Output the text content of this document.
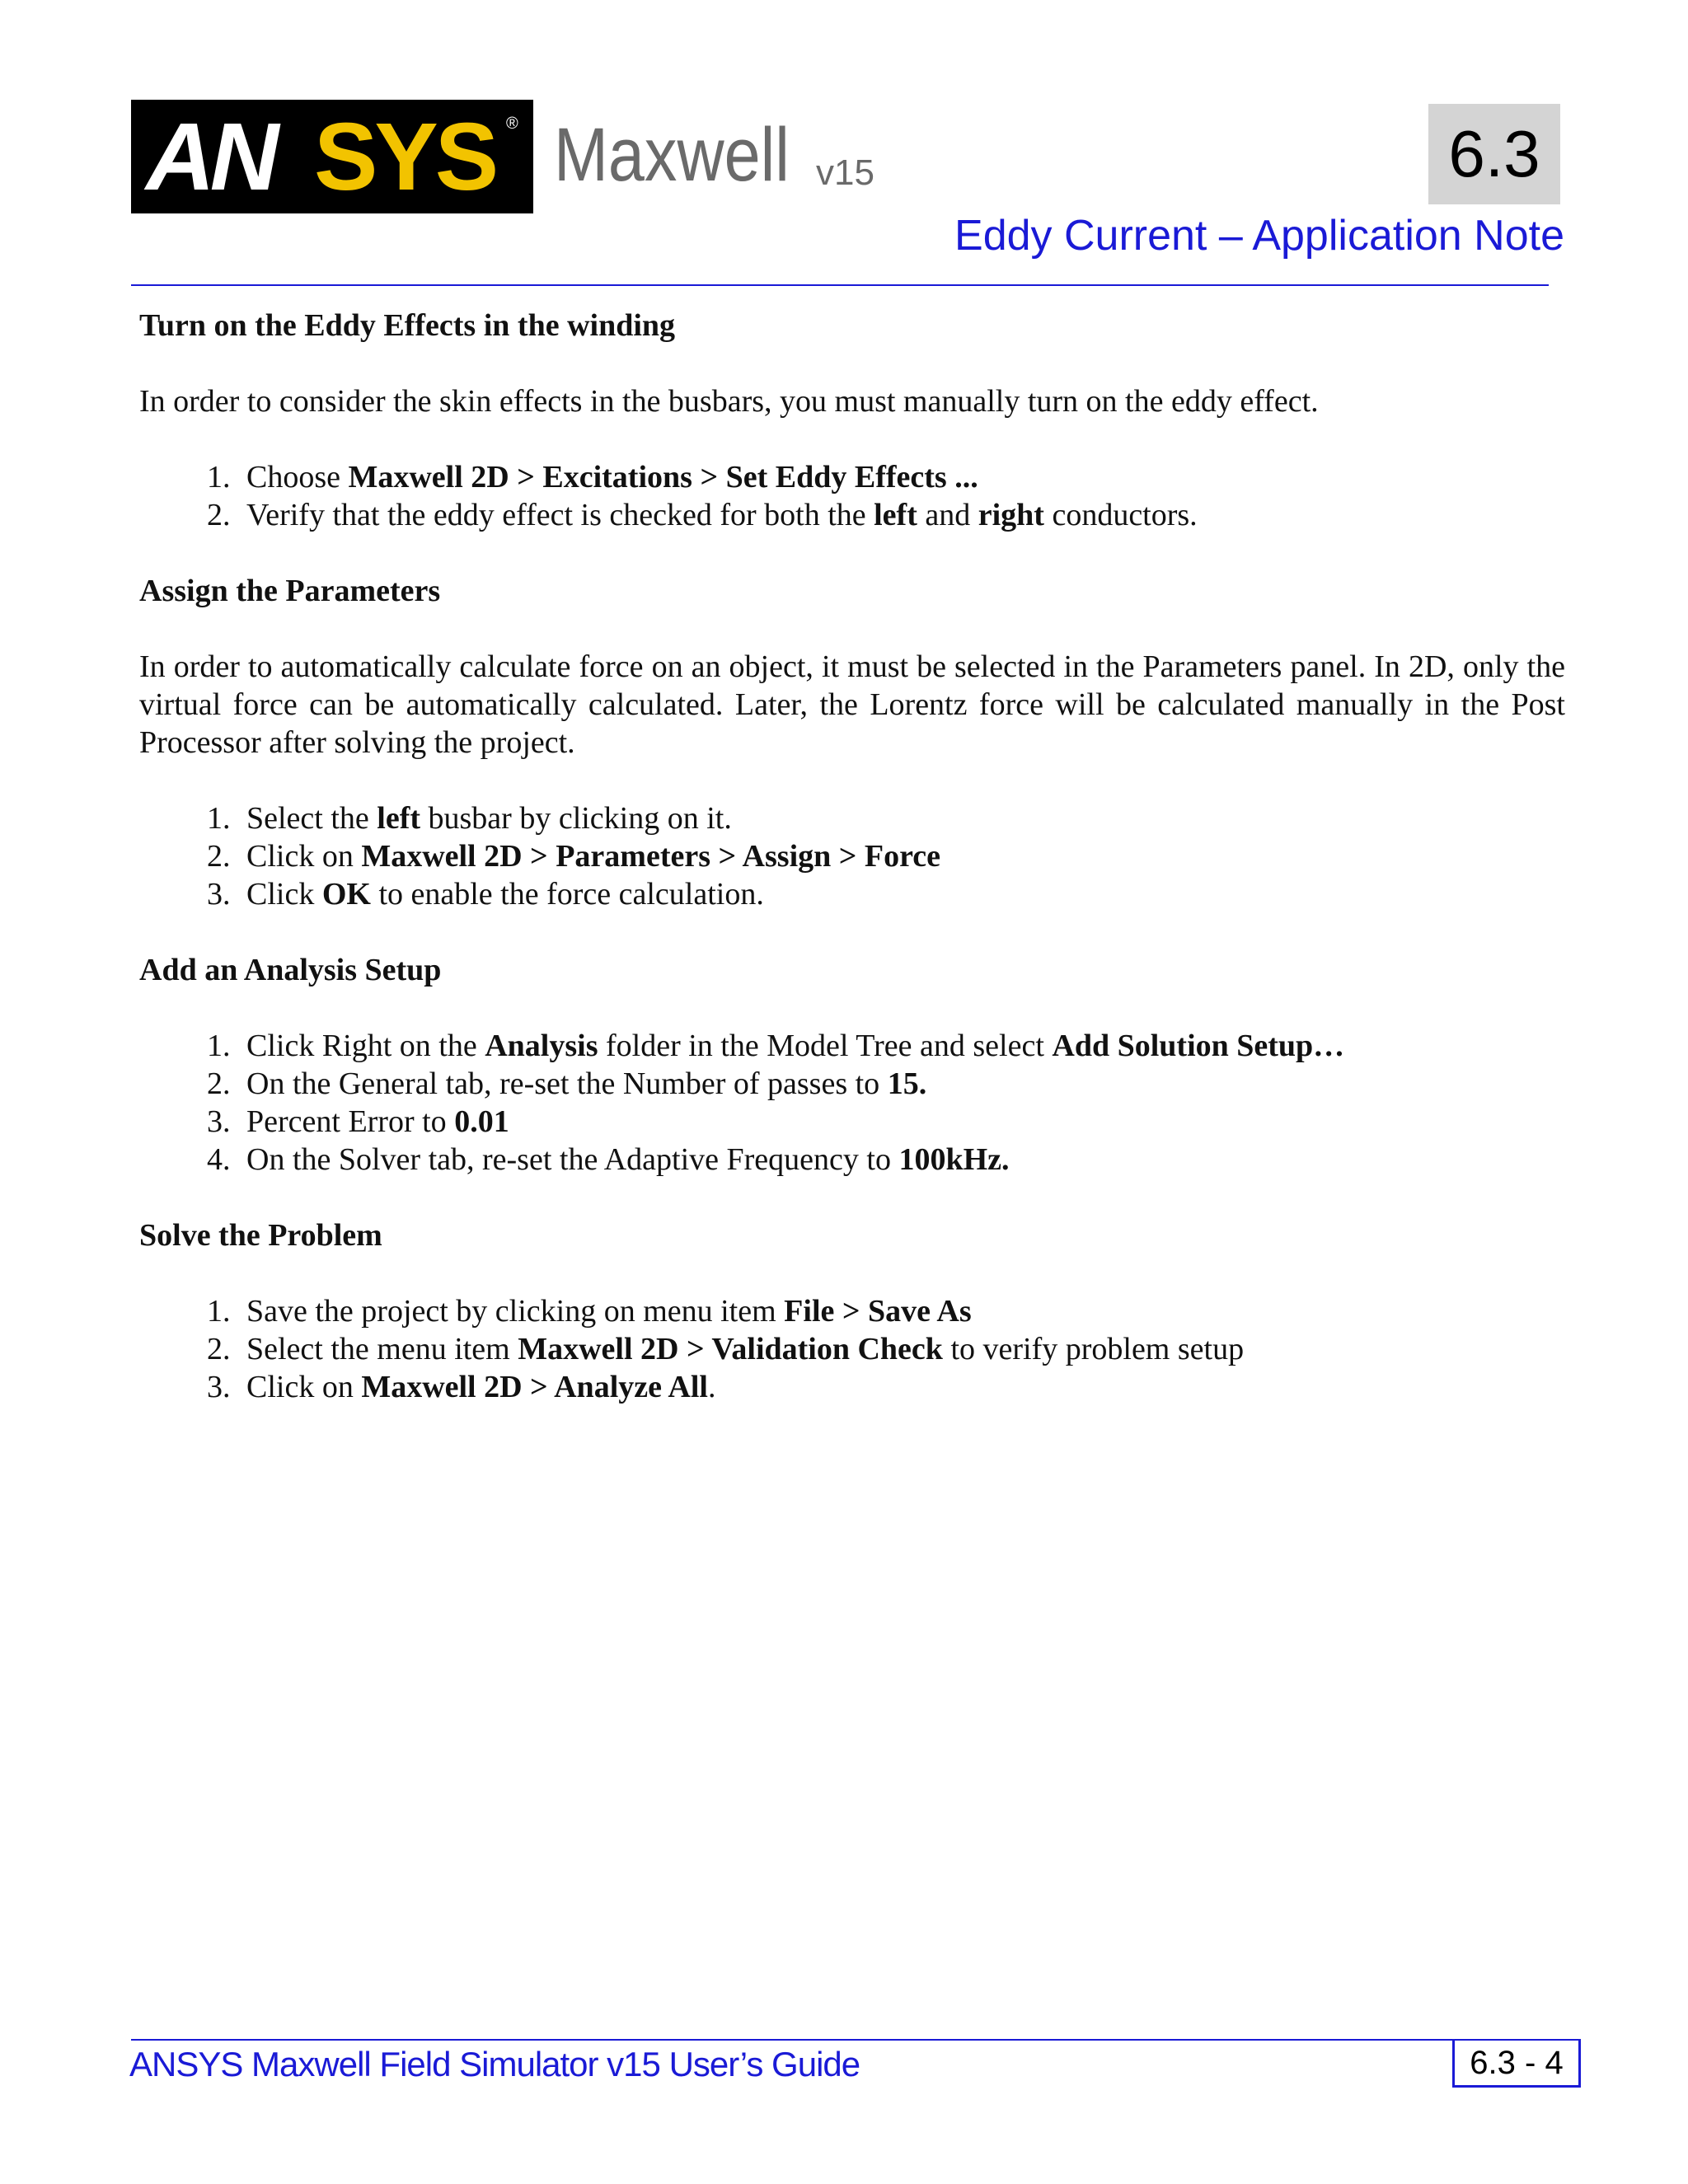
AN SYS ® Maxwell v15	6.3
Eddy Current – Application Note
Turn on the Eddy Effects in the winding

In order to consider the skin effects in the busbars, you must manually turn on the eddy effect.

1. Choose Maxwell 2D > Excitations > Set Eddy Effects ...
2. Verify that the eddy effect is checked for both the left and right conductors.
Assign the Parameters

In order to automatically calculate force on an object, it must be selected in the Parameters panel. In 2D, only the virtual force can be automatically calculated. Later, the Lorentz force will be calculated manually in the Post Processor after solving the project.

1. Select the left busbar by clicking on it.
2. Click on Maxwell 2D > Parameters > Assign > Force
3. Click OK to enable the force calculation.
Add an Analysis Setup
1. Click Right on the Analysis folder in the Model Tree and select Add Solution Setup…
2. On the General tab, re-set the Number of passes to 15.
3. Percent Error to 0.01
4. On the Solver tab, re-set the Adaptive Frequency to 100kHz.
Solve the Problem
1. Save the project by clicking on menu item File > Save As
2. Select the menu item Maxwell 2D > Validation Check to verify problem setup
3. Click on Maxwell 2D > Analyze All.
ANSYS Maxwell Field Simulator v15 User’s Guide	6.3 - 4
